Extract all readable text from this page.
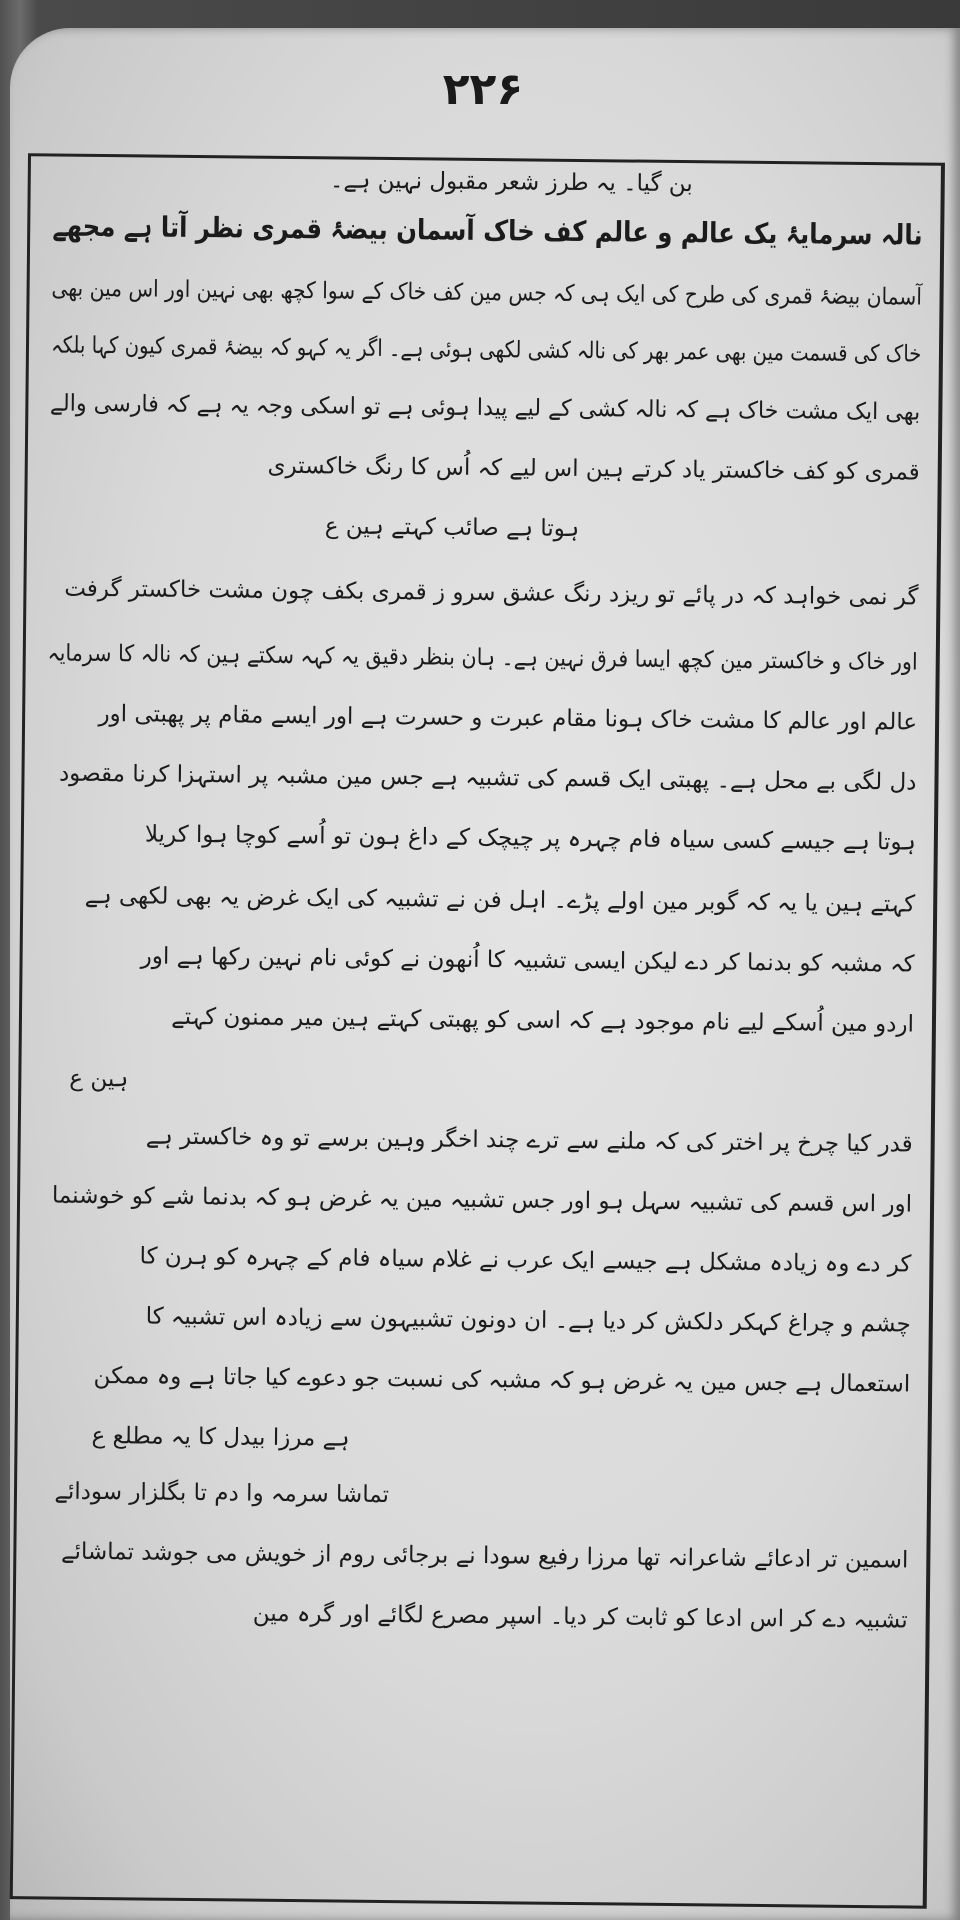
۲۲۶
بن گیا۔ یہ طرز شعر مقبول نہین ہے۔
نالہ سرمایۂ یک عالم و عالم کف خاک آسمان بیضۂ قمری نظر آتا ہے مجھے
آسمان بیضۂ قمری کی طرح کی ایک ہی کہ جس مین کف خاک کے سوا کچھ بھی نہین اور اس مین بھی
خاک کی قسمت مین بھی عمر بھر کی نالہ کشی لکھی ہوئی ہے۔ اگر یہ کہو کہ بیضۂ قمری کیون کہا بلکہ
بھی ایک مشت خاک ہے کہ نالہ کشی کے لیے پیدا ہوئی ہے تو اسکی وجہ یہ ہے کہ فارسی والے
قمری کو کف خاکستر یاد کرتے ہین اس لیے کہ اُس کا رنگ خاکستری
ہوتا ہے صائب کہتے ہین ع
گر نمی خواہد کہ در پائے تو ریزد رنگ عشق سرو ز قمری بکف چون مشت خاکستر گرفت
اور خاک و خاکستر مین کچھ ایسا فرق نہین ہے۔ ہان بنظر دقیق یہ کہہ سکتے ہین کہ نالہ کا سرمایہ
عالم اور عالم کا مشت خاک ہونا مقام عبرت و حسرت ہے اور ایسے مقام پر پھبتی اور
دل لگی بے محل ہے۔ پھبتی ایک قسم کی تشبیہ ہے جس مین مشبہ پر استہزا کرنا مقصود
ہوتا ہے جیسے کسی سیاہ فام چہرہ پر چیچک کے داغ ہون تو اُسے کوچا ہوا کریلا
کہتے ہین یا یہ کہ گوبر مین اولے پڑے۔ اہل فن نے تشبیہ کی ایک غرض یہ بھی لکھی ہے
کہ مشبہ کو بدنما کر دے لیکن ایسی تشبیہ کا اُنھون نے کوئی نام نہین رکھا ہے اور
اردو مین اُسکے لیے نام موجود ہے کہ اسی کو پھبتی کہتے ہین میر ممنون کہتے
ہین ع
قدر کیا چرخ پر اختر کی کہ ملنے سے ترے چند اخگر وہین برسے تو وہ خاکستر ہے
اور اس قسم کی تشبیہ سہل ہو اور جس تشبیہ مین یہ غرض ہو کہ بدنما شے کو خوشنما
کر دے وہ زیادہ مشکل ہے جیسے ایک عرب نے غلام سیاہ فام کے چہرہ کو ہرن کا
چشم و چراغ کہکر دلکش کر دیا ہے۔ ان دونون تشبیہون سے زیادہ اس تشبیہ کا
استعمال ہے جس مین یہ غرض ہو کہ مشبہ کی نسبت جو دعوے کیا جاتا ہے وہ ممکن
ہے مرزا بیدل کا یہ مطلع ع
تماشا سرمہ وا دم تا بگلزار سودائے
اسمین تر ادعائے شاعرانہ تھا مرزا رفیع سودا نے برجائی روم از خویش می جوشد تماشائے
تشبیہ دے کر اس ادعا کو ثابت کر دیا۔ اسپر مصرع لگائے اور گرہ مین
